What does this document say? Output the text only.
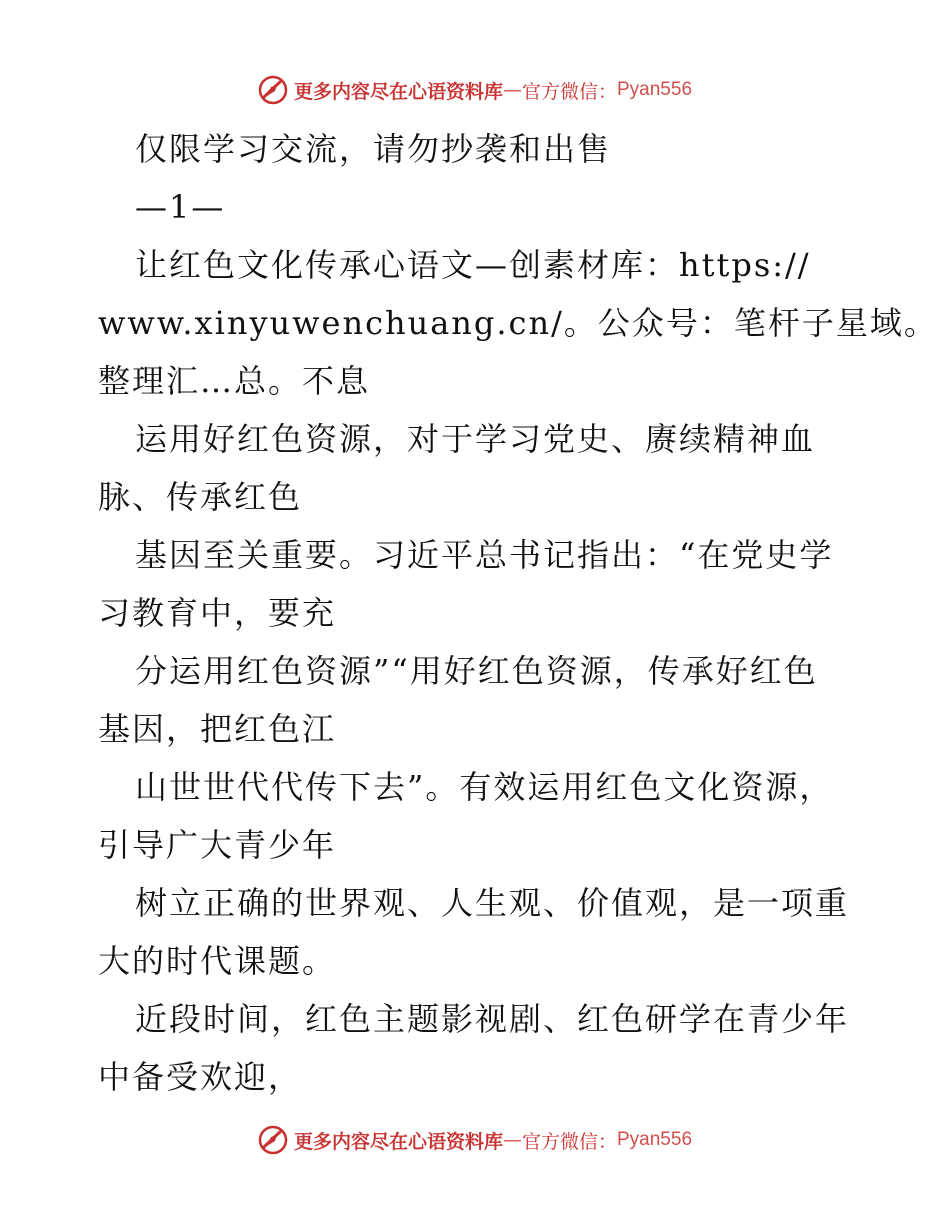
更多内容尽在心语资料库 — 官方微信： Pyan556
仅限学习交流，请勿抄袭和出售
—1—
让红色文化传承心语文—创素材库：https://
www.xinyuwenchuang.cn/。公众号：笔杆子星域。
整理汇…总。不息
运用好红色资源，对于学习党史、赓续精神血
脉、传承红色
基因至关重要。习近平总书记指出：“在党史学
习教育中，要充
分运用红色资源”“用好红色资源，传承好红色
基因，把红色江
山世世代代传下去”。有效运用红色文化资源，
引导广大青少年
树立正确的世界观、人生观、价值观，是一项重
大的时代课题。
近段时间，红色主题影视剧、红色研学在青少年
中备受欢迎，
更多内容尽在心语资料库 — 官方微信： Pyan556
